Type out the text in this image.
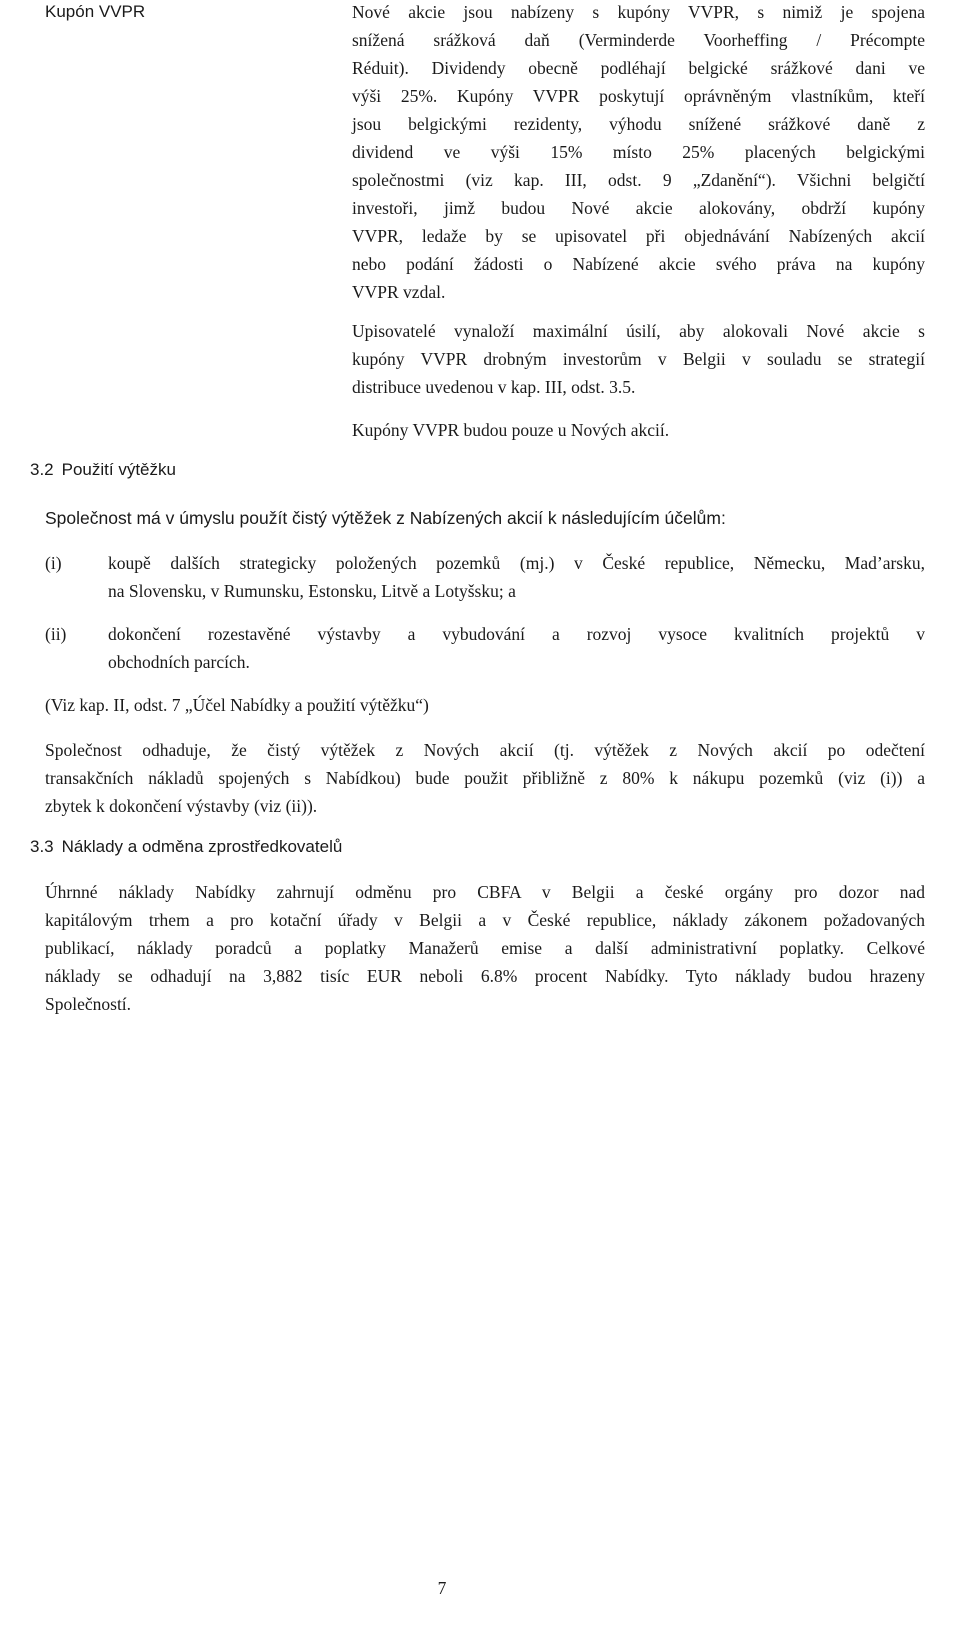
Kupón VVPR	Nové akcie jsou nabízeny s kupóny VVPR, s nimiž je spojena
snížená srážková daň (Verminderde Voorheffing / Précompte
Réduit). Dividendy obecně podléhají belgické srážkové dani ve
výši 25%. Kupóny VVPR poskytují oprávněným vlastníkům, kteří
jsou belgickými rezidenty, výhodu snížené srážkové daně z
dividend ve výši 15% místo 25% placených belgickými
společnostmi (viz kap. III, odst. 9 „Zdanění“). Všichni belgičtí
investoři, jimž budou Nové akcie alokovány, obdrží kupóny
VVPR, ledaže by se upisovatel při objednávání Nabízených akcií
nebo podání žádosti o Nabízené akcie svého práva na kupóny
VVPR vzdal.
Upisovatelé vynaloží maximální úsilí, aby alokovali Nové akcie s
kupóny VVPR drobným investorům v Belgii v souladu se strategií
distribuce uvedenou v kap. III, odst. 3.5.
Kupóny VVPR budou pouze u Nových akcií.
3.2 Použití výtěžku
Společnost má v úmyslu použít čistý výtěžek z Nabízených akcií k následujícím účelům:
(i)	koupě dalších strategicky položených pozemků (mj.) v České republice, Německu, Mad’arsku,
na Slovensku, v Rumunsku, Estonsku, Litvě a Lotyšsku; a
(ii) dokončení rozestavěné výstavby a vybudování a rozvoj vysoce kvalitních projektů v
obchodních parcích.
(Viz kap. II, odst. 7 „Účel Nabídky a použití výtěžku“)
Společnost odhaduje, že čistý výtěžek z Nových akcií (tj. výtěžek z Nových akcií po odečtení
transakčních nákladů spojených s Nabídkou) bude použit přibližně z 80% k nákupu pozemků (viz (i)) a
zbytek k dokončení výstavby (viz (ii)).
3.3 Náklady a odměna zprostředkovatelů
Úhrnné náklady Nabídky zahrnují odměnu pro CBFA v Belgii a české orgány pro dozor nad
kapitálovým trhem a pro kotační úřady v Belgii a v České republice, náklady zákonem požadovaných
publikací, náklady poradců a poplatky Manažerů emise a další administrativní poplatky. Celkové
náklady se odhadují na 3,882 tisíc EUR neboli 6.8% procent Nabídky. Tyto náklady budou hrazeny
Společností.
7
